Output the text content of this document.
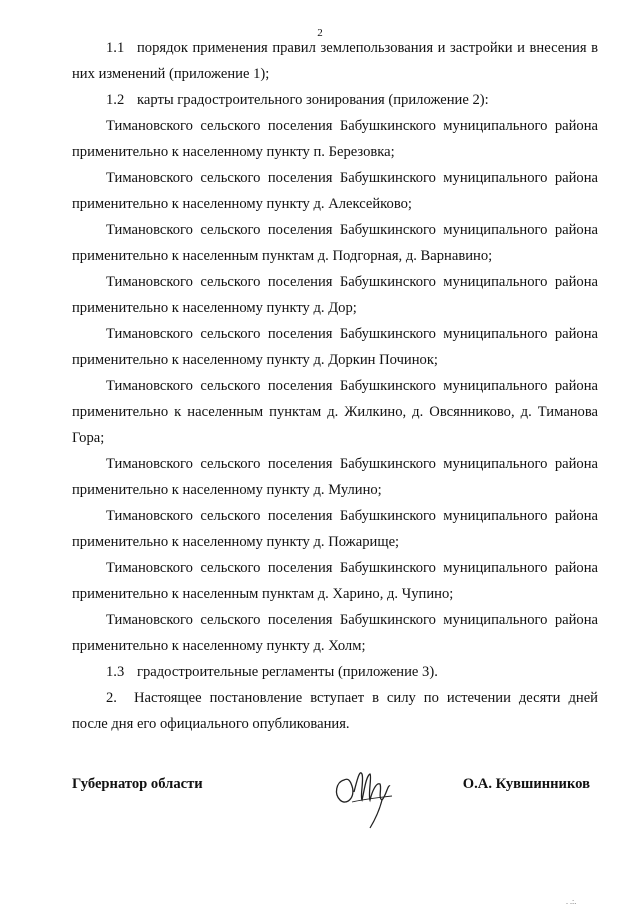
2

1.1 порядок применения правил землепользования и застройки и внесения в них изменений (приложение 1);

1.2 карты градостроительного зонирования (приложение 2):

Тимановского сельского поселения Бабушкинского муниципального района применительно к населенному пункту п. Березовка;

Тимановского сельского поселения Бабушкинского муниципального района применительно к населенному пункту д. Алексейково;

Тимановского сельского поселения Бабушкинского муниципального района применительно к населенным пунктам д. Подгорная, д. Варнавино;

Тимановского сельского поселения Бабушкинского муниципального района применительно к населенному пункту д. Дор;

Тимановского сельского поселения Бабушкинского муниципального района применительно к населенному пункту д. Доркин Починок;

Тимановского сельского поселения Бабушкинского муниципального района применительно к населенным пунктам д. Жилкино, д. Овсянниково, д. Тиманова Гора;

Тимановского сельского поселения Бабушкинского муниципального района применительно к населенному пункту д. Мулино;

Тимановского сельского поселения Бабушкинского муниципального района применительно к населенному пункту д. Пожарище;

Тимановского сельского поселения Бабушкинского муниципального района применительно к населенным пунктам д. Харино, д. Чупино;

Тимановского сельского поселения Бабушкинского муниципального района применительно к населенному пункту д. Холм;

1.3 градостроительные регламенты (приложение 3).

2. Настоящее постановление вступает в силу по истечении десяти дней после дня его официального опубликования.

Губернатор области	О.А. Кувшинников
. .:.
